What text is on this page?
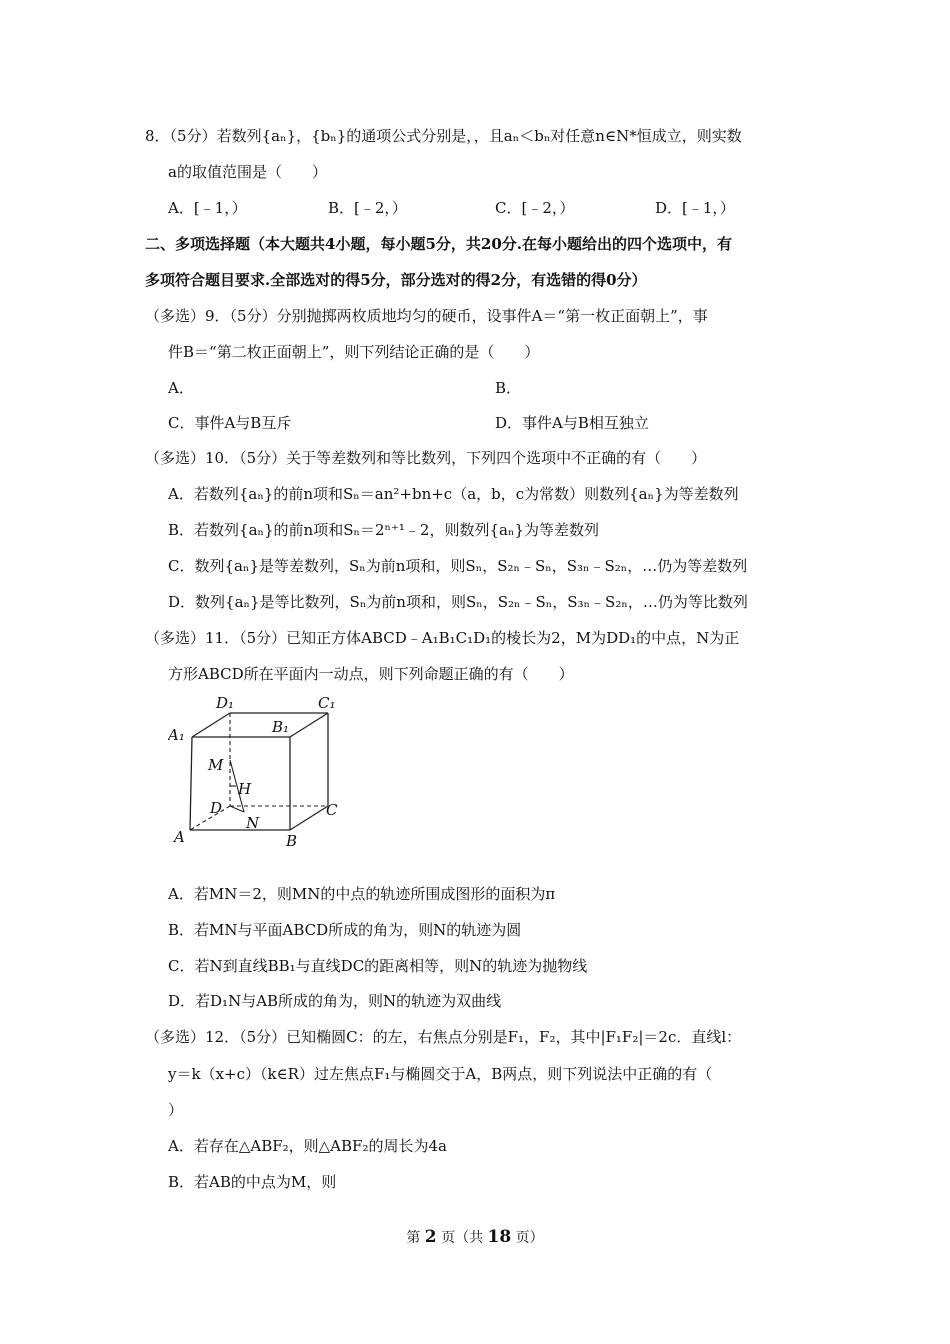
8．（5分）若数列{aₙ}，{bₙ}的通项公式分别是，，且aₙ＜bₙ对任意n∈N*恒成立，则实数
a的取值范围是（　　）
A．[﹣1，）	B．[﹣2，）	C．[﹣2，）	D．[﹣1，）
二、多项选择题（本大题共4小题，每小题5分，共20分.在每小题给出的四个选项中，有
多项符合题目要求.全部选对的得5分，部分选对的得2分，有选错的得0分）
（多选）9．（5分）分别抛掷两枚质地均匀的硬币，设事件A＝“第一枚正面朝上”，事
件B＝“第二枚正面朝上”，则下列结论正确的是（　　）
A．	B．
C．事件A与B互斥	D．事件A与B相互独立
（多选）10．（5分）关于等差数列和等比数列，下列四个选项中不正确的有（　　）
A．若数列{aₙ}的前n项和Sₙ＝an²+bn+c（a，b，c为常数）则数列{aₙ}为等差数列
B．若数列{aₙ}的前n项和Sₙ＝2ⁿ⁺¹﹣2，则数列{aₙ}为等差数列
C．数列{aₙ}是等差数列，Sₙ为前n项和，则Sₙ，S₂ₙ﹣Sₙ，S₃ₙ﹣S₂ₙ，…仍为等差数列
D．数列{aₙ}是等比数列，Sₙ为前n项和，则Sₙ，S₂ₙ﹣Sₙ，S₃ₙ﹣S₂ₙ，…仍为等比数列
（多选）11．（5分）已知正方体ABCD﹣A₁B₁C₁D₁的棱长为2，M为DD₁的中点，N为正
方形ABCD所在平面内一动点，则下列命题正确的有（　　）
D₁	C₁
A₁	B₁
M
H
D	C
N
A	B
A．若MN＝2，则MN的中点的轨迹所围成图形的面积为π
B．若MN与平面ABCD所成的角为，则N的轨迹为圆
C．若N到直线BB₁与直线DC的距离相等，则N的轨迹为抛物线
D．若D₁N与AB所成的角为，则N的轨迹为双曲线
（多选）12．（5分）已知椭圆C：的左，右焦点分别是F₁，F₂，其中|F₁F₂|＝2c．直线l：
y＝k（x+c）（k∈R）过左焦点F₁与椭圆交于A，B两点，则下列说法中正确的有（
）
A．若存在△ABF₂，则△ABF₂的周长为4a
B．若AB的中点为M，则
第 2 页（共 18 页）
